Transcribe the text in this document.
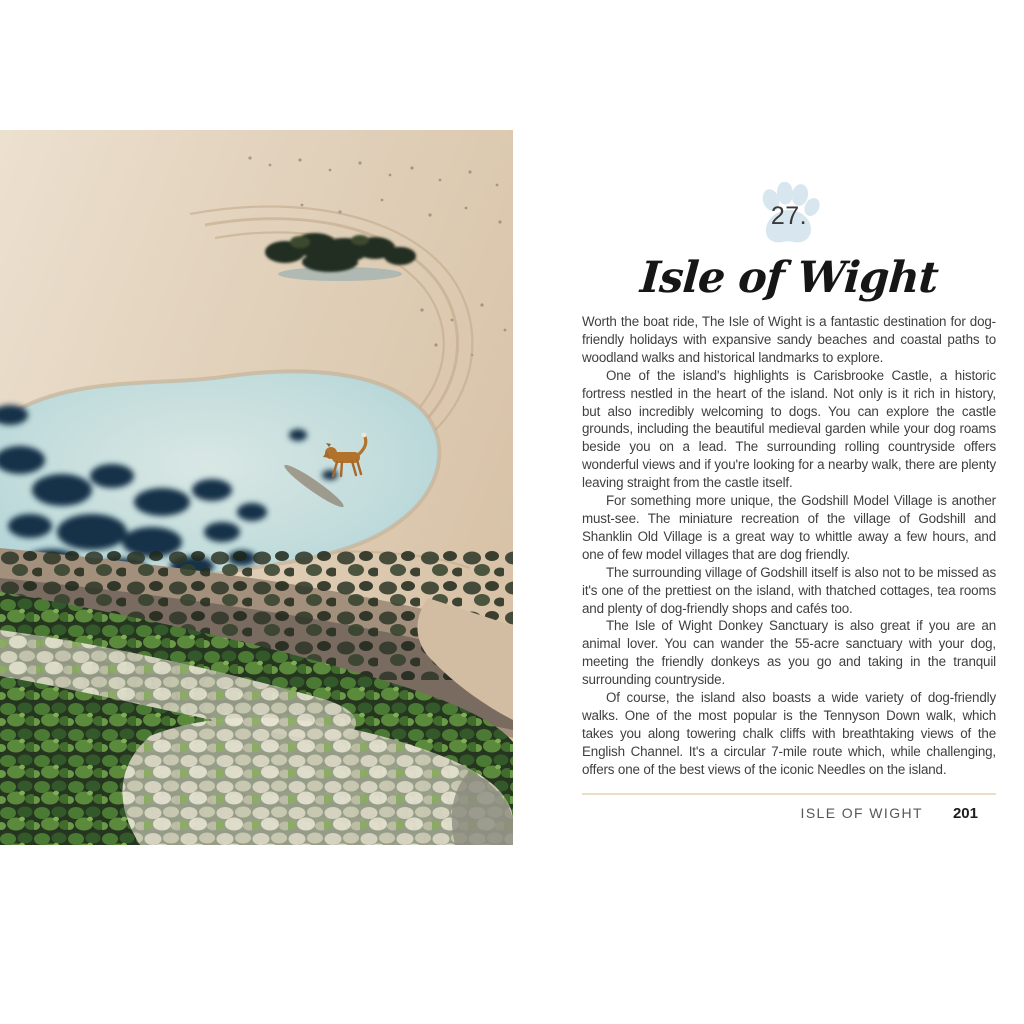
27.
Isle of Wight

Worth the boat ride, The Isle of Wight is a fantastic destination for dog-friendly holidays with expansive sandy beaches and coastal paths to woodland walks and historical landmarks to explore.

One of the island's highlights is Carisbrooke Castle, a historic fortress nestled in the heart of the island. Not only is it rich in history, but also incredibly welcoming to dogs. You can explore the castle grounds, including the beautiful medieval garden while your dog roams beside you on a lead. The surrounding rolling countryside offers wonderful views and if you're looking for a nearby walk, there are plenty leaving straight from the castle itself.

For something more unique, the Godshill Model Village is another must-see. The miniature recreation of the village of Godshill and Shanklin Old Village is a great way to whittle away a few hours, and one of few model villages that are dog friendly.

The surrounding village of Godshill itself is also not to be missed as it's one of the prettiest on the island, with thatched cottages, tea rooms and plenty of dog-friendly shops and cafés too.

The Isle of Wight Donkey Sanctuary is also great if you are an animal lover. You can wander the 55-acre sanctuary with your dog, meeting the friendly donkeys as you go and taking in the tranquil surrounding countryside.

Of course, the island also boasts a wide variety of dog-friendly walks. One of the most popular is the Tennyson Down walk, which takes you along towering chalk cliffs with breathtaking views of the English Channel. It's a circular 7-mile route which, while challenging, offers one of the best views of the iconic Needles on the island.

ISLE OF WIGHT 201
